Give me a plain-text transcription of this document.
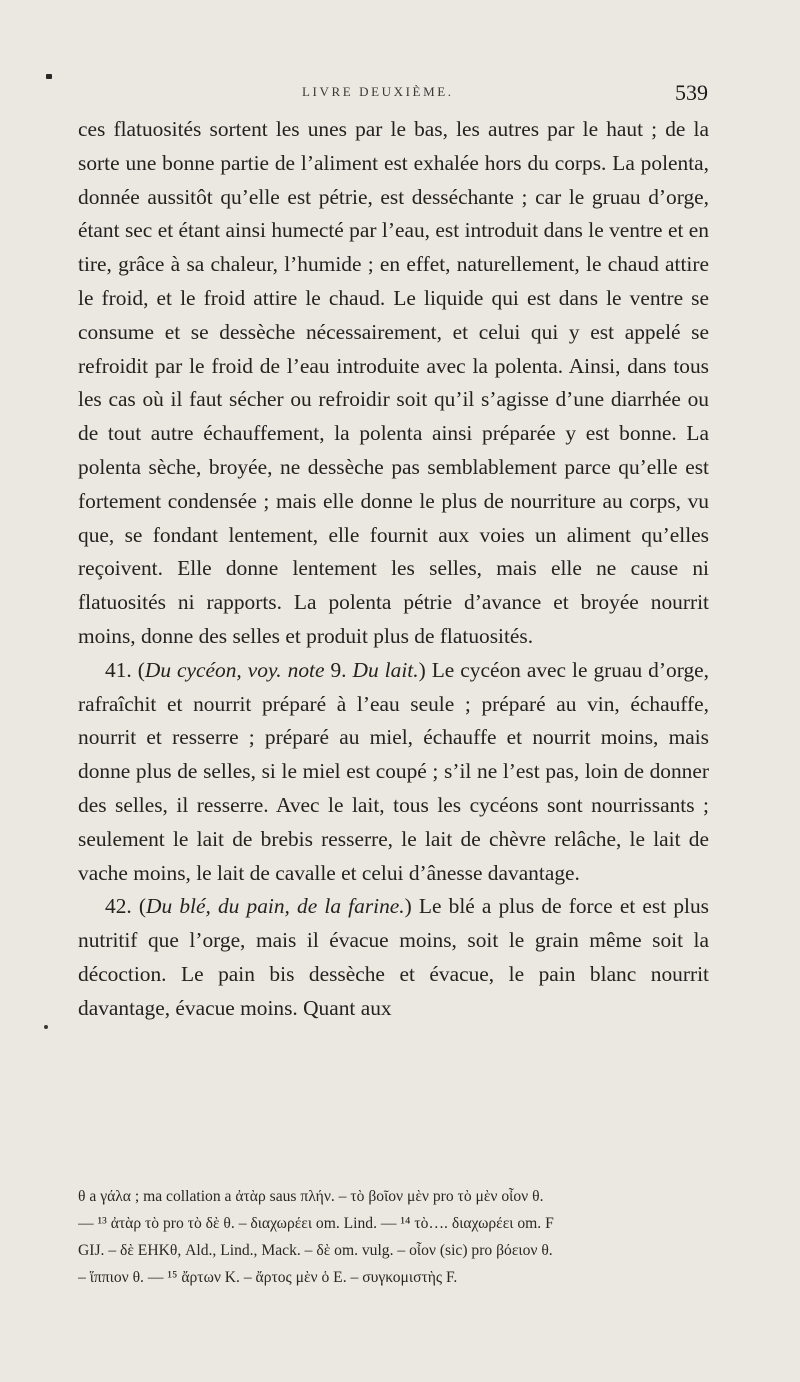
LIVRE DEUXIÈME.	539

ces flatuosités sortent les unes par le bas, les autres par le haut ; de la sorte une bonne partie de l’aliment est exhalée hors du corps. La polenta, donnée aussitôt qu’elle est pétrie, est desséchante ; car le gruau d’orge, étant sec et étant ainsi humecté par l’eau, est introduit dans le ventre et en tire, grâce à sa chaleur, l’humide ; en effet, naturellement, le chaud attire le froid, et le froid attire le chaud. Le liquide qui est dans le ventre se consume et se dessèche nécessairement, et celui qui y est appelé se refroidit par le froid de l’eau introduite avec la polenta. Ainsi, dans tous les cas où il faut sécher ou refroidir soit qu’il s’agisse d’une diarrhée ou de tout autre échauffement, la polenta ainsi préparée y est bonne. La polenta sèche, broyée, ne dessèche pas semblablement parce qu’elle est fortement condensée ; mais elle donne le plus de nourriture au corps, vu que, se fondant lentement, elle fournit aux voies un aliment qu’elles reçoivent. Elle donne lentement les selles, mais elle ne cause ni flatuosités ni rapports. La polenta pétrie d’avance et broyée nourrit moins, donne des selles et produit plus de flatuosités.

41. (Du cycéon, voy. note 9. Du lait.) Le cycéon avec le gruau d’orge, rafraîchit et nourrit préparé à l’eau seule ; préparé au vin, échauffe, nourrit et resserre ; préparé au miel, échauffe et nourrit moins, mais donne plus de selles, si le miel est coupé ; s’il ne l’est pas, loin de donner des selles, il resserre. Avec le lait, tous les cycéons sont nourrissants ; seulement le lait de brebis resserre, le lait de chèvre relâche, le lait de vache moins, le lait de cavalle et celui d’ânesse davantage.

42. (Du blé, du pain, de la farine.) Le blé a plus de force et est plus nutritif que l’orge, mais il évacue moins, soit le grain même soit la décoction. Le pain bis dessèche et évacue, le pain blanc nourrit davantage, évacue moins. Quant aux

θ a γάλα ; ma collation a ἀτὰρ saus πλήν. – τὸ βοῖον μὲν pro τὸ μὲν οἶον θ.

— ¹³ ἀτὰρ τὸ pro τὸ δὲ θ. – διαχωρέει om. Lind. — ¹⁴ τὸ…. διαχωρέει om. F

GIJ. – δὲ EHKθ, Ald., Lind., Mack. – δὲ om. vulg. – οἶον (sic) pro βόειον θ.

– ἵππιον θ. — ¹⁵ ἄρτων K. – ἄρτος μὲν ὁ E. – συγκομιστὴς F.
